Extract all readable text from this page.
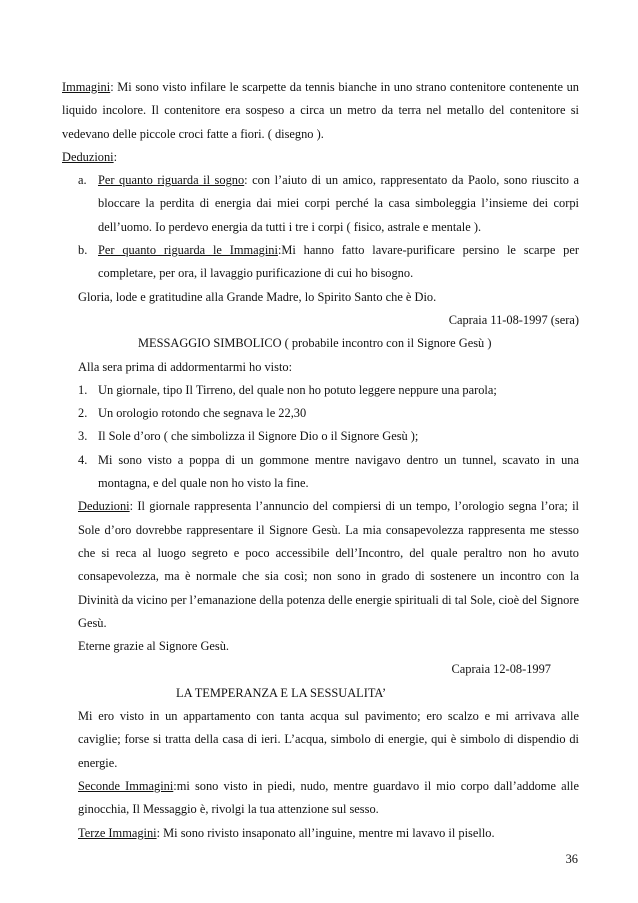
Immagini: Mi sono visto infilare le scarpette da tennis bianche in uno strano contenitore contenente un liquido incolore. Il contenitore era sospeso a circa un metro da terra nel metallo del contenitore si vedevano delle piccole croci fatte a fiori. ( disegno ).

Deduzioni:

a. Per quanto riguarda il sogno: con l’aiuto di un amico, rappresentato da Paolo, sono riuscito a bloccare la perdita di energia dai miei corpi perché la casa simboleggia l’insieme dei corpi dell’uomo. Io perdevo energia da tutti i tre i corpi ( fisico, astrale e mentale ).

b. Per quanto riguarda le Immagini:Mi hanno fatto lavare-purificare persino le scarpe per completare, per ora, il lavaggio purificazione di cui ho bisogno.

Gloria, lode e gratitudine alla Grande Madre, lo Spirito Santo che è Dio.

Capraia 11-08-1997 (sera)

MESSAGGIO SIMBOLICO ( probabile incontro con il Signore Gesù )

Alla sera prima di addormentarmi ho visto:

1. Un giornale, tipo Il Tirreno, del quale non ho potuto leggere neppure una parola;

2. Un orologio rotondo che segnava le 22,30

3. Il Sole d’oro ( che simbolizza il Signore Dio o il Signore Gesù );

4. Mi sono visto a poppa di un gommone mentre navigavo dentro un tunnel, scavato in una montagna, e del quale non ho visto la fine.

Deduzioni: Il giornale rappresenta l’annuncio del compiersi di un tempo, l’orologio segna l’ora; il Sole d’oro dovrebbe rappresentare il Signore Gesù. La mia consapevolezza rappresenta me stesso che si reca al luogo segreto e poco accessibile dell’Incontro, del quale peraltro non ho avuto consapevolezza, ma è normale che sia così; non sono in grado di sostenere un incontro con la Divinità da vicino per l’emanazione della potenza delle energie spirituali di tal Sole, cioè del Signore Gesù.

Eterne grazie al Signore Gesù.

Capraia 12-08-1997

LA TEMPERANZA E LA SESSUALITA’

Mi ero visto in un appartamento con tanta acqua sul pavimento; ero scalzo e mi arrivava alle caviglie; forse si tratta della casa di ieri. L’acqua, simbolo di energie, qui è simbolo di dispendio di energie.

Seconde Immagini:mi sono visto in piedi, nudo, mentre guardavo il mio corpo dall’addome alle ginocchia, Il Messaggio è, rivolgi la tua attenzione sul sesso.

Terze Immagini: Mi sono rivisto insaponato all’inguine, mentre mi lavavo il pisello.

36
